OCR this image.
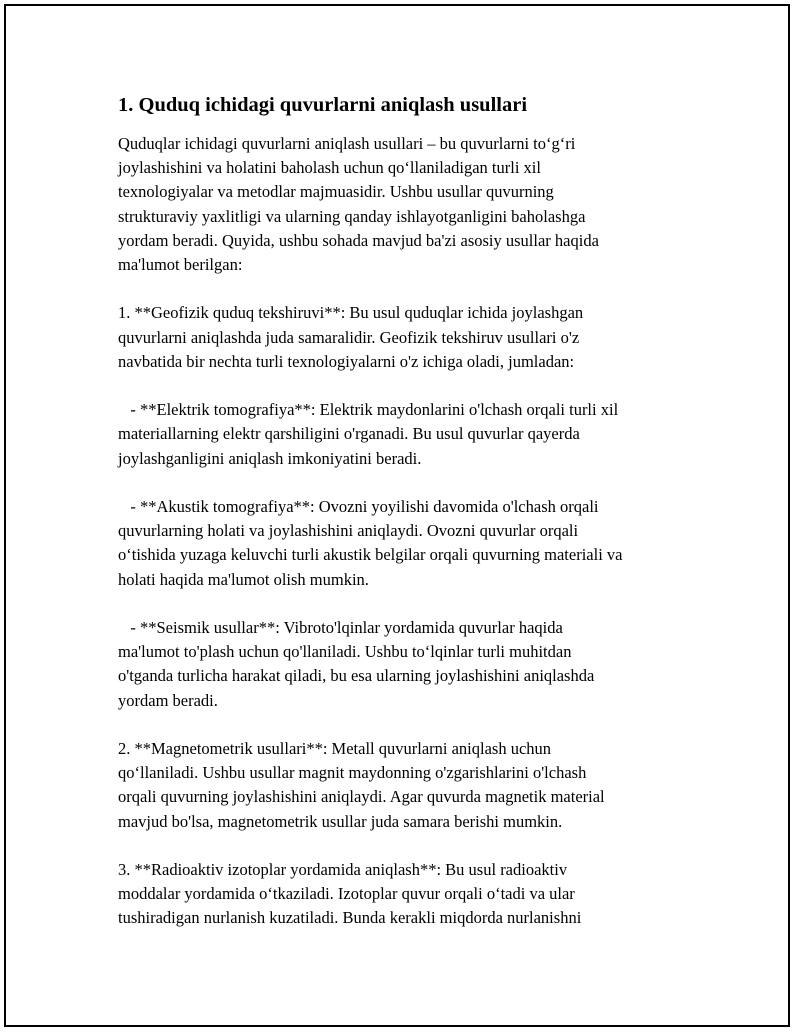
1. Quduq ichidagi quvurlarni aniqlash usullari

Quduqlar ichidagi quvurlarni aniqlash usullari – bu quvurlarni to‘g‘ri
joylashishini va holatini baholash uchun qo‘llaniladigan turli xil
texnologiyalar va metodlar majmuasidir. Ushbu usullar quvurning
strukturaviy yaxlitligi va ularning qanday ishlayotganligini baholashga
yordam beradi. Quyida, ushbu sohada mavjud ba'zi asosiy usullar haqida
ma'lumot berilgan:

1. **Geofizik quduq tekshiruvi**: Bu usul quduqlar ichida joylashgan
quvurlarni aniqlashda juda samaralidir. Geofizik tekshiruv usullari o'z
navbatida bir nechta turli texnologiyalarni o'z ichiga oladi, jumladan:

- **Elektrik tomografiya**: Elektrik maydonlarini o'lchash orqali turli xil
materiallarning elektr qarshiligini o'rganadi. Bu usul quvurlar qayerda
joylashganligini aniqlash imkoniyatini beradi.

- **Akustik tomografiya**: Ovozni yoyilishi davomida o'lchash orqali
quvurlarning holati va joylashishini aniqlaydi. Ovozni quvurlar orqali
o‘tishida yuzaga keluvchi turli akustik belgilar orqali quvurning materiali va
holati haqida ma'lumot olish mumkin.

- **Seismik usullar**: Vibroto'lqinlar yordamida quvurlar haqida
ma'lumot to'plash uchun qo'llaniladi. Ushbu to‘lqinlar turli muhitdan
o'tganda turlicha harakat qiladi, bu esa ularning joylashishini aniqlashda
yordam beradi.

2. **Magnetometrik usullari**: Metall quvurlarni aniqlash uchun
qo‘llaniladi. Ushbu usullar magnit maydonning o'zgarishlarini o'lchash
orqali quvurning joylashishini aniqlaydi. Agar quvurda magnetik material
mavjud bo'lsa, magnetometrik usullar juda samara berishi mumkin.

3. **Radioaktiv izotoplar yordamida aniqlash**: Bu usul radioaktiv
moddalar yordamida o‘tkaziladi. Izotoplar quvur orqali o‘tadi va ular
tushiradigan nurlanish kuzatiladi. Bunda kerakli miqdorda nurlanishni
